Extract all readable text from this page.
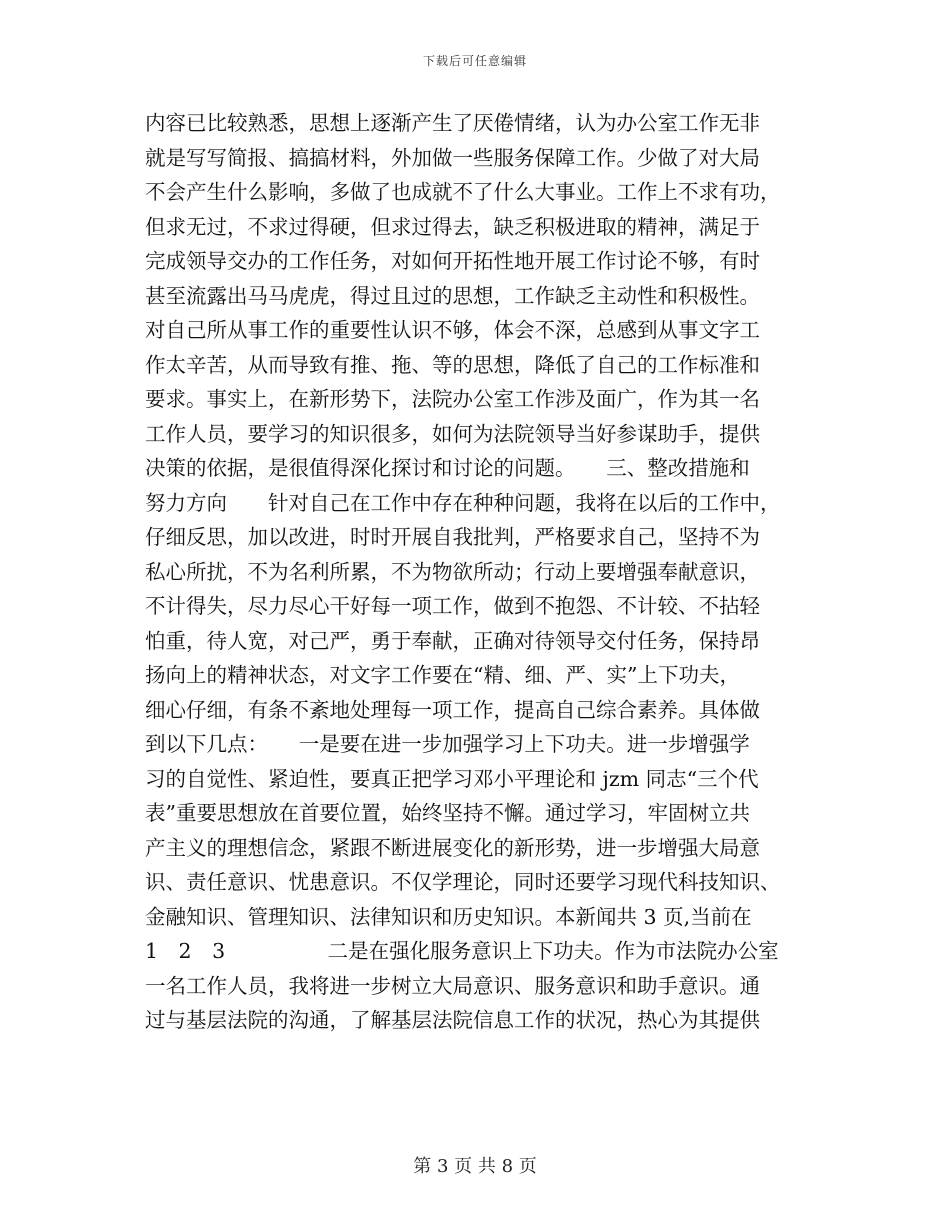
下载后可任意编辑
内容已比较熟悉，思想上逐渐产生了厌倦情绪，认为办公室工作无非
就是写写简报、搞搞材料，外加做一些服务保障工作。少做了对大局
不会产生什么影响，多做了也成就不了什么大事业。工作上不求有功，
但求无过，不求过得硬，但求过得去，缺乏积极进取的精神，满足于
完成领导交办的工作任务，对如何开拓性地开展工作讨论不够，有时
甚至流露出马马虎虎，得过且过的思想，工作缺乏主动性和积极性。
对自己所从事工作的重要性认识不够，体会不深，总感到从事文字工
作太辛苦，从而导致有推、拖、等的思想，降低了自己的工作标准和
要求。事实上，在新形势下，法院办公室工作涉及面广，作为其一名
工作人员，要学习的知识很多，如何为法院领导当好参谋助手，提供
决策的依据，是很值得深化探讨和讨论的问题。　　三、整改措施和
努力方向　　针对自己在工作中存在种种问题，我将在以后的工作中，
仔细反思，加以改进，时时开展自我批判，严格要求自己，坚持不为
私心所扰，不为名利所累，不为物欲所动；行动上要增强奉献意识，
不计得失，尽力尽心干好每一项工作，做到不抱怨、不计较、不拈轻
怕重，待人宽，对己严，勇于奉献，正确对待领导交付任务，保持昂
扬向上的精神状态，对文字工作要在“精、细、严、实”上下功夫，
细心仔细，有条不紊地处理每一项工作，提高自己综合素养。具体做
到以下几点：　　一是要在进一步加强学习上下功夫。进一步增强学
习的自觉性、紧迫性，要真正把学习邓小平理论和 jzm 同志“三个代
表”重要思想放在首要位置，始终坚持不懈。通过学习，牢固树立共
产主义的理想信念，紧跟不断进展变化的新形势，进一步增强大局意
识、责任意识、忧患意识。不仅学理论，同时还要学习现代科技知识、
金融知识、管理知识、法律知识和历史知识。本新闻共 3 页,当前在
1　2　3　　　　　二是在强化服务意识上下功夫。作为市法院办公室
一名工作人员，我将进一步树立大局意识、服务意识和助手意识。通
过与基层法院的沟通，了解基层法院信息工作的状况，热心为其提供
第 3 页 共 8 页
